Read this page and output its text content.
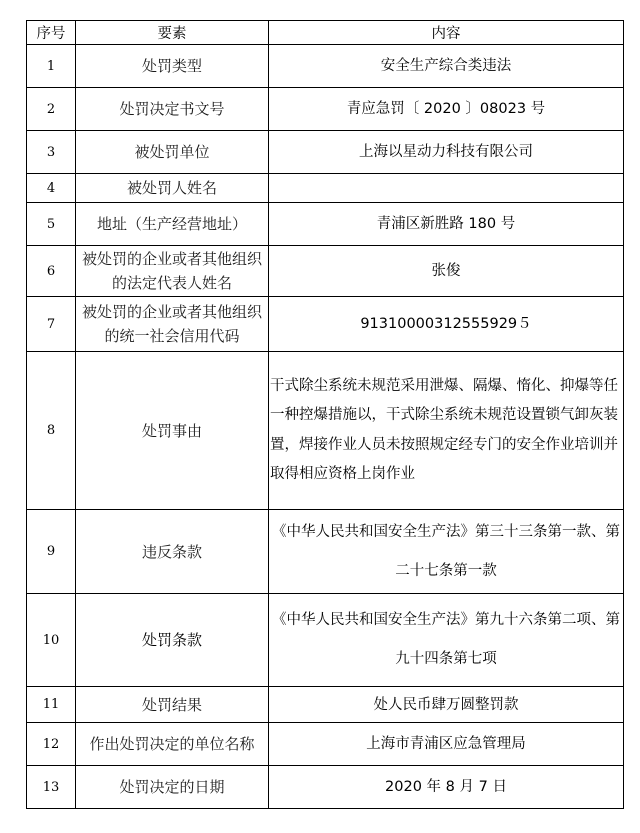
序号	要素	内容
1	处罚类型	安全生产综合类违法
2	处罚决定书文号	青应急罚〔 2020 〕08023 号
3	被处罚单位	上海以星动力科技有限公司
4	被处罚人姓名	
5	地址（生产经营地址）	青浦区新胜路 180 号
6	被处罚的企业或者其他组织的法定代表人姓名	张俊
7	被处罚的企业或者其他组织的统一社会信用代码	91310000312555929５
8	处罚事由	干式除尘系统未规范采用泄爆、隔爆、惰化、抑爆等任一种控爆措施以，干式除尘系统未规范设置锁气卸灰装置，焊接作业人员未按照规定经专门的安全作业培训并取得相应资格上岗作业
9	违反条款	《中华人民共和国安全生产法》第三十三条第一款、第二十七条第一款
10	处罚条款	《中华人民共和国安全生产法》第九十六条第二项、第九十四条第七项
11	处罚结果	处人民币肆万圆整罚款
12	作出处罚决定的单位名称	上海市青浦区应急管理局
13	处罚决定的日期	2020 年 8 月 7 日
